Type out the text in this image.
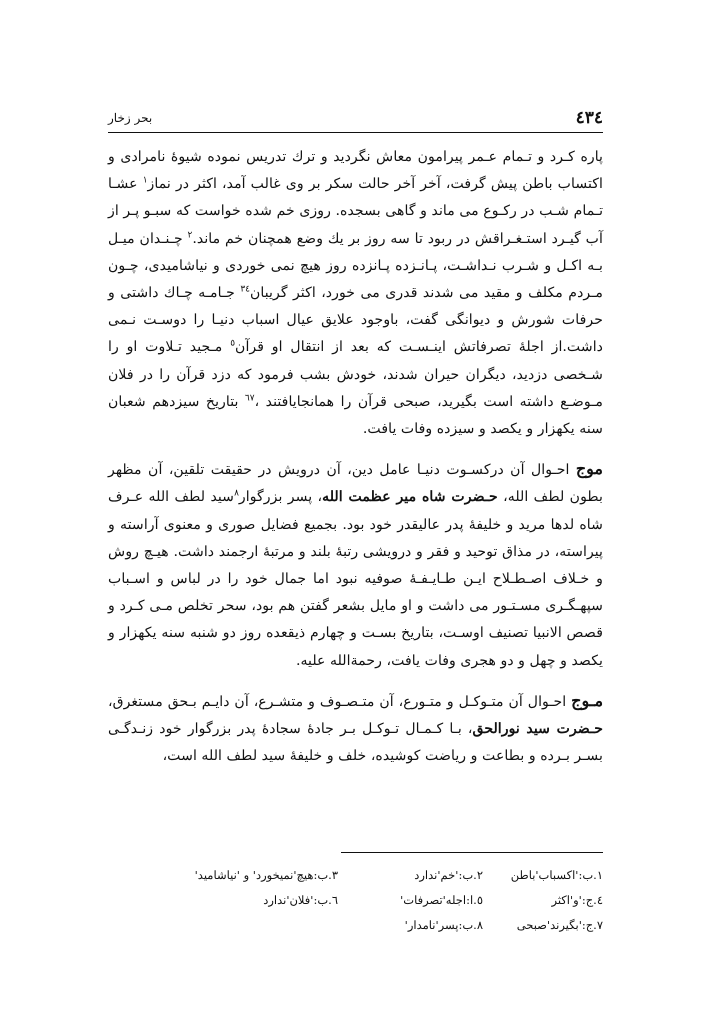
٤٣٤
بحر زخار

پاره کـرد و تـمام عـمر پیرامون معاش نگردید و ترك تدریس نموده شیوهٔ نامرادی و اکتساب باطن پیش گرفت، آخر آخر حالت سکر بر وی غالب آمد، اکثر در نماز$^۱$ عشـا تـمام شـب در رکـوع می ماند و گاهی بسجده. روزی خم شده خواست که سبـو پـر از آب گیـرد استـغـراقش در ربود تا سه روز بر یك وضع همچنان خم ماند.$^۲$ چـنـدان میـل بـه اکـل و شـرب نـداشـت، پـانـزده پـانزده روز هیچ نمی خوردی و نیاشامیدی، چـون مـردم مکلف و مقید می شدند قدری می خورد، اکثر گریبان$^{۳٤}$ جـامـه چـاك داشتی و حرفات شورش و دیوانگی گفت، باوجود علایق عیال اسباب دنیـا را دوسـت نـمی داشت.از اجلهٔ تصرفاتش اینـسـت که بعد از انتقال او قرآن$^٥$ مـجید تـلاوت او را شـخصی دزدید، دیگران حیران شدند، خودش بشب فرمود که دزد قرآن را در فلان مـوضـع داشته است بگیرید، صبحی قرآن را همانجایافتند ،$^{٦۷}$ بتاریخ سیزدهم شعبان سنه یکهزار و یکصد و سیزده وفات یافت.

موج احـوال آن درکسـوت دنیـا عامل دین، آن درویش در حقیقت تلقین، آن مظهر بطون لطف الله، حـضرت شاه میر عظمت الله، پسر بزرگوار$^۸$سید لطف الله عـرف شاه لدها مرید و خلیفهٔ پدر عالیقدر خود بود. بجمیع فضایل صوری و معنوی آراسته و پیراسته، در مذاق توحید و فقر و درویشی رتبهٔ بلند و مرتبهٔ ارجمند داشت. هیـچ روش و خـلاف اصـطـلاح ایـن طـایـفـهٔ صوفیه نبود اما جمال خود را در لباس و اسـباب سپهـگـری مسـتـور می داشت و او مایل بشعر گفتن هم بود، سحر تخلص مـی کـرد و قصص الانبیا تصنیف اوسـت، بتاریخ بسـت و چهارم ذیقعده روز دو شنبه سنه یکهزار و یکصد و چهل و دو هجری وفات یافت، رحمةالله علیه.

مـوج احـوال آن متـوکـل و متـورع، آن متـصـوف و متشـرع، آن دایـم بـحق مستغرق، حـضرت سید نورالحق، بـا کـمـال تـوکـل بـر جادهٔ سجادهٔ پدر بزرگوار خود زنـدگـی بسـر بـرده و بطاعت و ریاضت کوشیده، خلف و خلیفهٔ سید لطف الله است،

۱.ب:'اکسباب'باطن
۲.ب:'خم'ندارد
۳.ب:هیچ'نمیخورد' و 'نیاشامید'
٤.ج:'و'اکثر
٥.ا:اجله'تصرفات'
٦.ب:'فلان'ندارد
۷.ج:'بگیرند'صبحی
۸.ب:پسر'نامدار'
